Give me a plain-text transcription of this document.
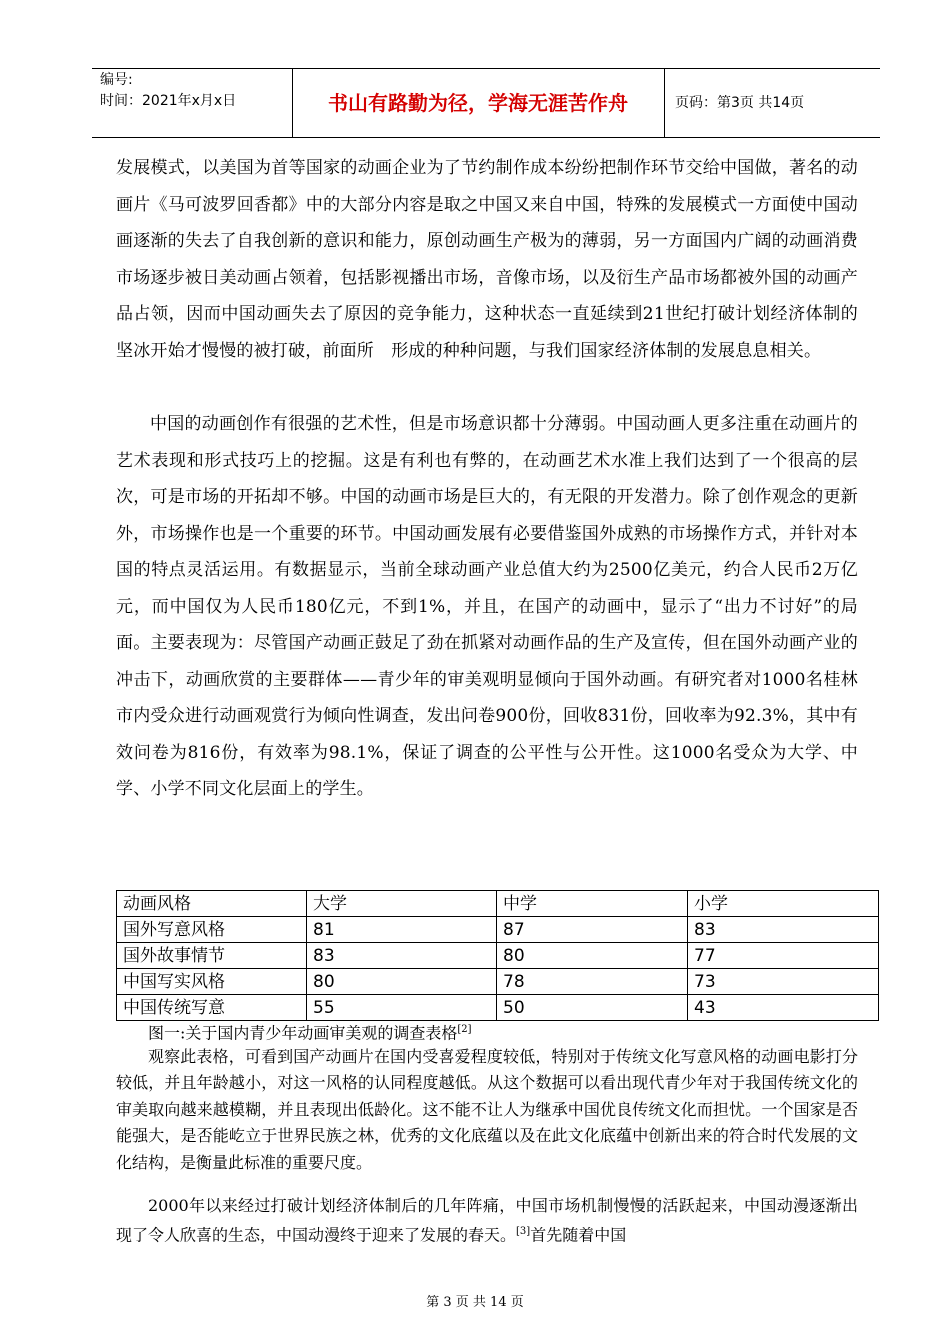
编号:
时间：2021年x月x日	书山有路勤为径，学海无涯苦作舟	页码：第3页 共14页

发展模式，以美国为首等国家的动画企业为了节约制作成本纷纷把制作环节交给中国做，著名的动画片《马可波罗回香都》中的大部分内容是取之中国又来自中国，特殊的发展模式一方面使中国动画逐渐的失去了自我创新的意识和能力，原创动画生产极为的薄弱，另一方面国内广阔的动画消费市场逐步被日美动画占领着，包括影视播出市场，音像市场，以及衍生产品市场都被外国的动画产品占领，因而中国动画失去了原因的竞争能力，这种状态一直延续到21世纪打破计划经济体制的坚冰开始才慢慢的被打破，前面所　形成的种种问题，与我们国家经济体制的发展息息相关。

中国的动画创作有很强的艺术性，但是市场意识都十分薄弱。中国动画人更多注重在动画片的艺术表现和形式技巧上的挖掘。这是有利也有弊的，在动画艺术水准上我们达到了一个很高的层次，可是市场的开拓却不够。中国的动画市场是巨大的，有无限的开发潜力。除了创作观念的更新外，市场操作也是一个重要的环节。中国动画发展有必要借鉴国外成熟的市场操作方式，并针对本国的特点灵活运用。有数据显示，当前全球动画产业总值大约为2500亿美元，约合人民币2万亿元，而中国仅为人民币180亿元，不到1%，并且，在国产的动画中，显示了“出力不讨好”的局面。主要表现为：尽管国产动画正鼓足了劲在抓紧对动画作品的生产及宣传，但在国外动画产业的冲击下，动画欣赏的主要群体——青少年的审美观明显倾向于国外动画。有研究者对1000名桂林市内受众进行动画观赏行为倾向性调查，发出问卷900份，回收831份，回收率为92.3%，其中有效问卷为816份，有效率为98.1%，保证了调查的公平性与公开性。这1000名受众为大学、中学、小学不同文化层面上的学生。

动画风格	大学	中学	小学
国外写意风格	81	87	83
国外故事情节	83	80	77
中国写实风格	80	78	73
中国传统写意	55	50	43
图一:关于国内青少年动画审美观的调查表格[2]

观察此表格，可看到国产动画片在国内受喜爱程度较低，特别对于传统文化写意风格的动画电影打分较低，并且年龄越小，对这一风格的认同程度越低。从这个数据可以看出现代青少年对于我国传统文化的审美取向越来越模糊，并且表现出低龄化。这不能不让人为继承中国优良传统文化而担忧。一个国家是否能强大，是否能屹立于世界民族之林，优秀的文化底蕴以及在此文化底蕴中创新出来的符合时代发展的文化结构，是衡量此标准的重要尺度。

2000年以来经过打破计划经济体制后的几年阵痛，中国市场机制慢慢的活跃起来，中国动漫逐渐出现了令人欣喜的生态，中国动漫终于迎来了发展的春天。[3]首先随着中国

第 3 页 共 14 页
